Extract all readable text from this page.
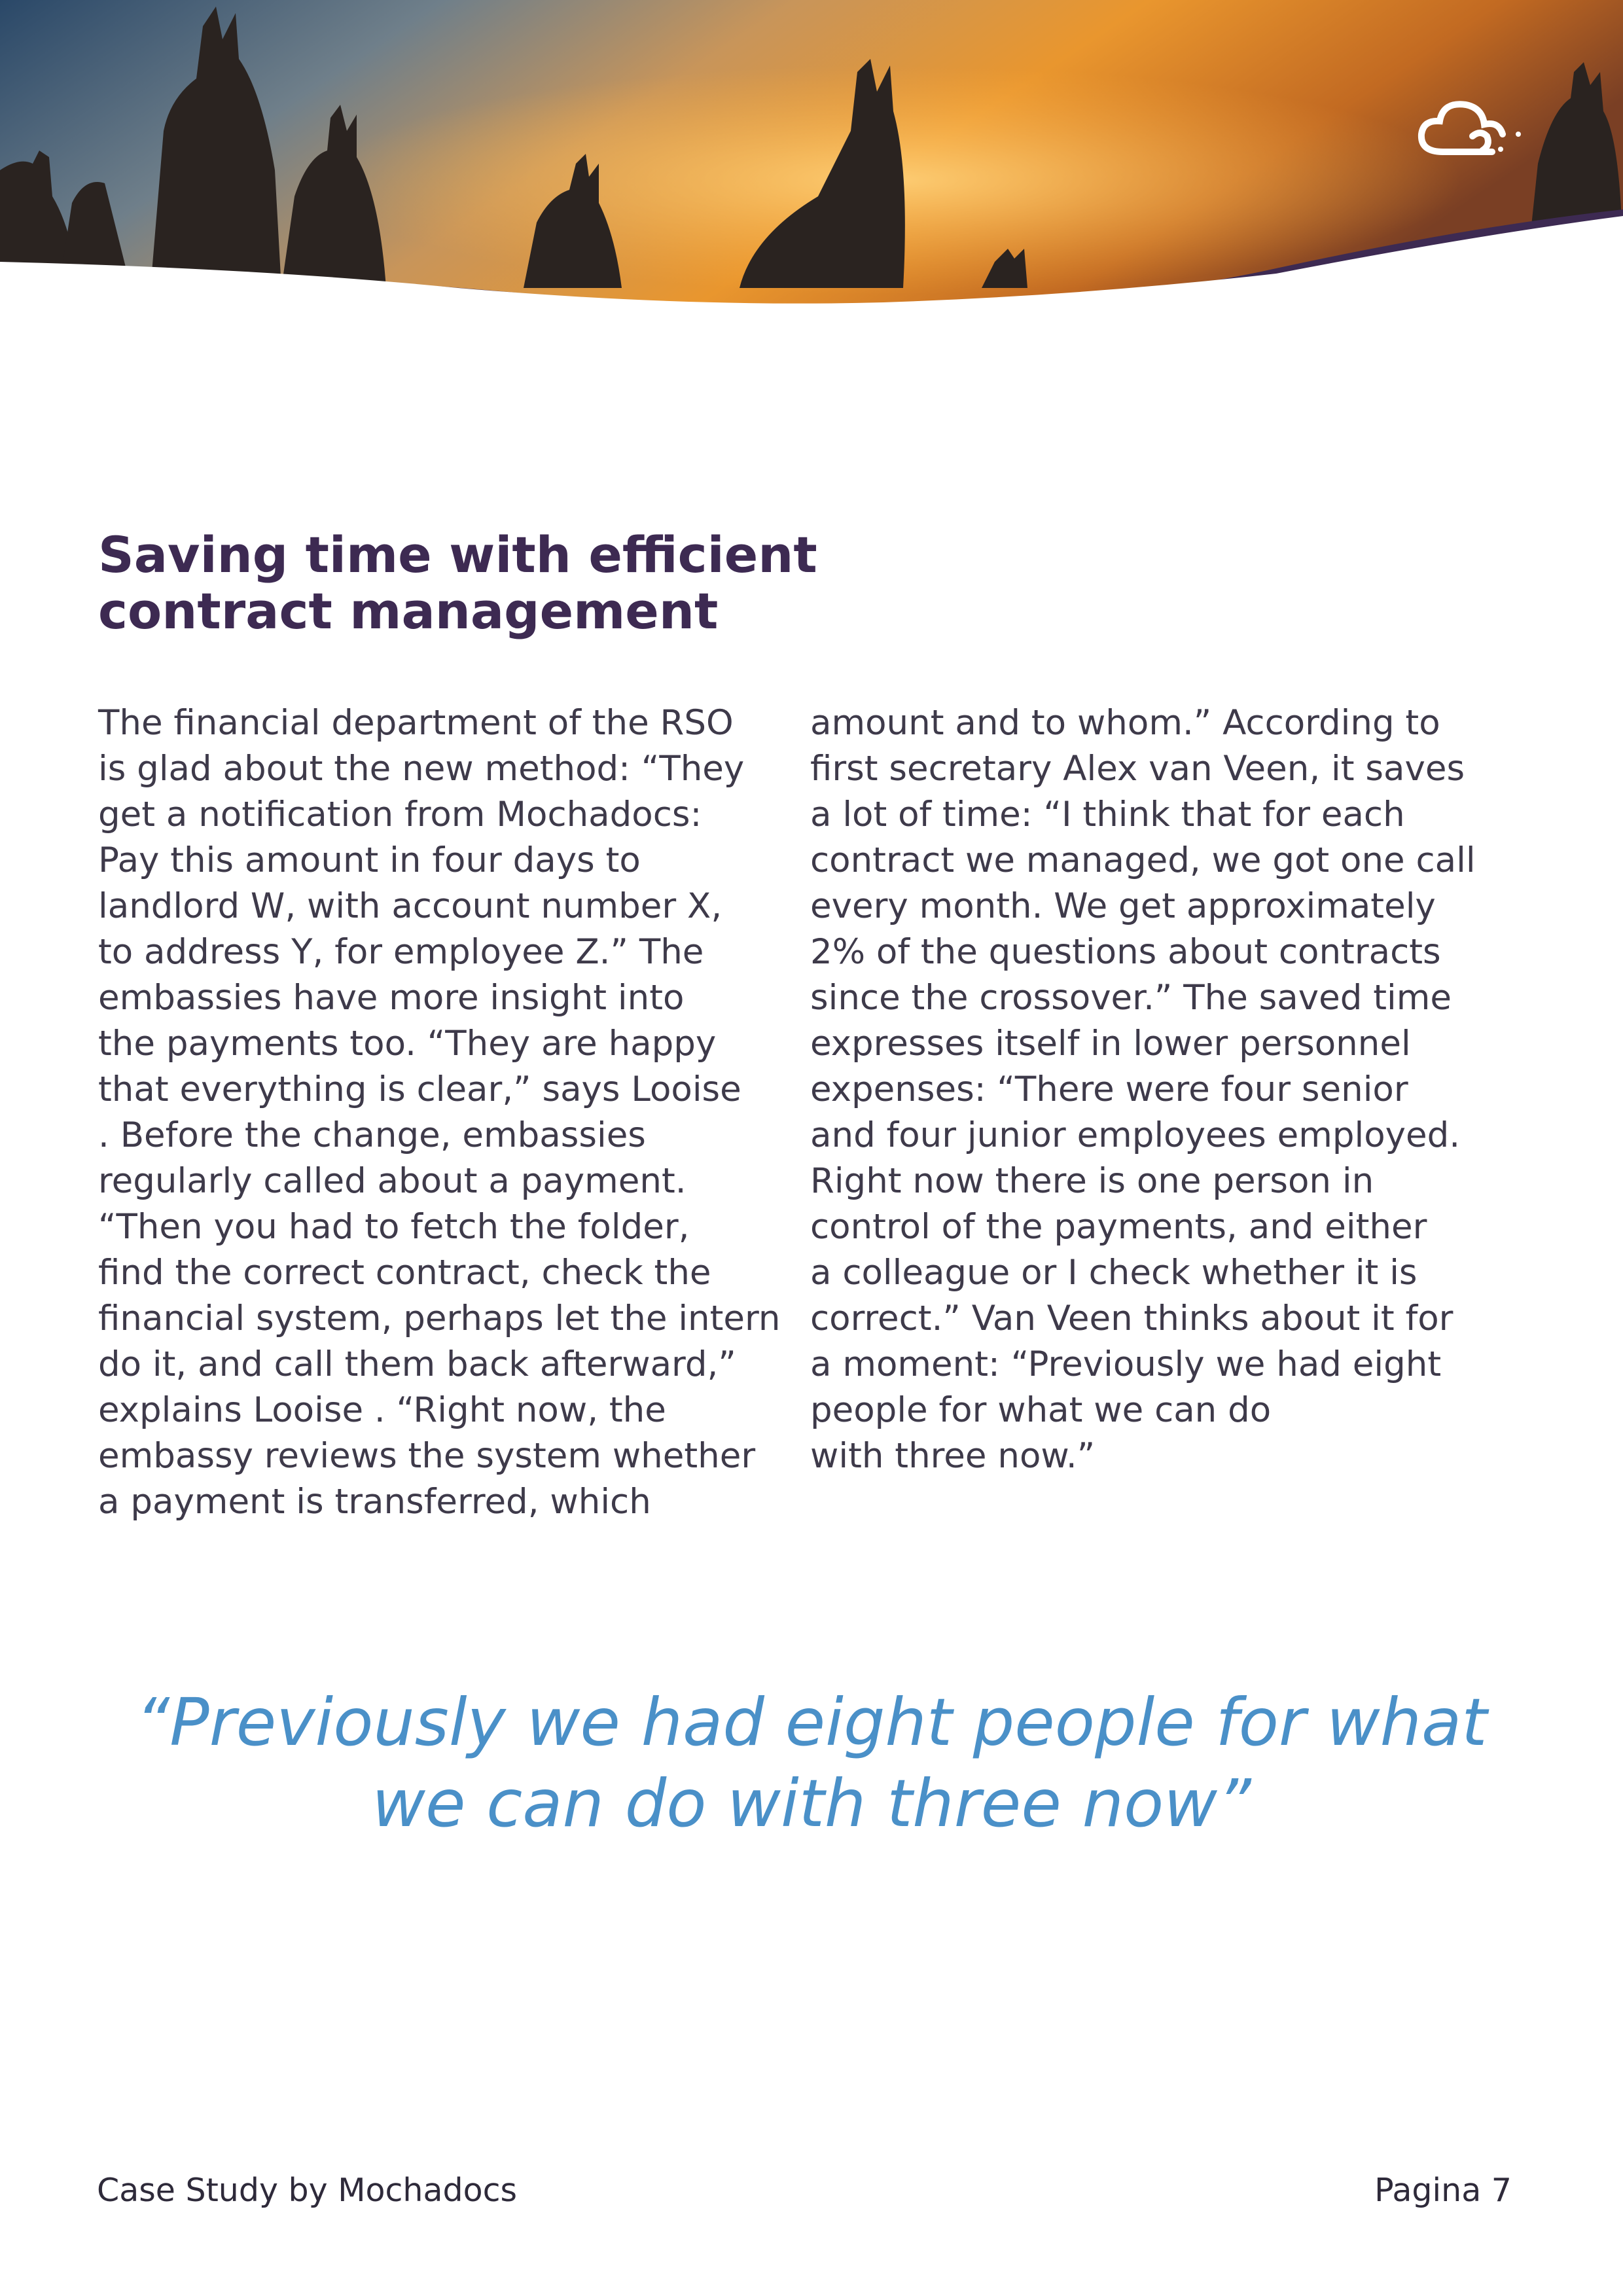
Saving time with efficient
contract management
The financial department of the RSO
is glad about the new method: “They
get a notification from Mochadocs:
Pay this amount in four days to
landlord W, with account number X,
to address Y, for employee Z.” The
embassies have more insight into
the payments too. “They are happy
that everything is clear,” says Looise
. Before the change, embassies
regularly called about a payment.
“Then you had to fetch the folder,
find the correct contract, check the
financial system, perhaps let the intern
do it, and call them back afterward,”
explains Looise . “Right now, the
embassy reviews the system whether
a payment is transferred, which
amount and to whom.” According to
first secretary Alex van Veen, it saves
a lot of time: “I think that for each
contract we managed, we got one call
every month. We get approximately
2% of the questions about contracts
since the crossover.” The saved time
expresses itself in lower personnel
expenses: “There were four senior
and four junior employees employed.
Right now there is one person in
control of the payments, and either
a colleague or I check whether it is
correct.” Van Veen thinks about it for
a moment: “Previously we had eight
people for what we can do
with three now.”
“Previously we had eight people for what
we can do with three now”
Case Study by Mochadocs	Pagina 7
